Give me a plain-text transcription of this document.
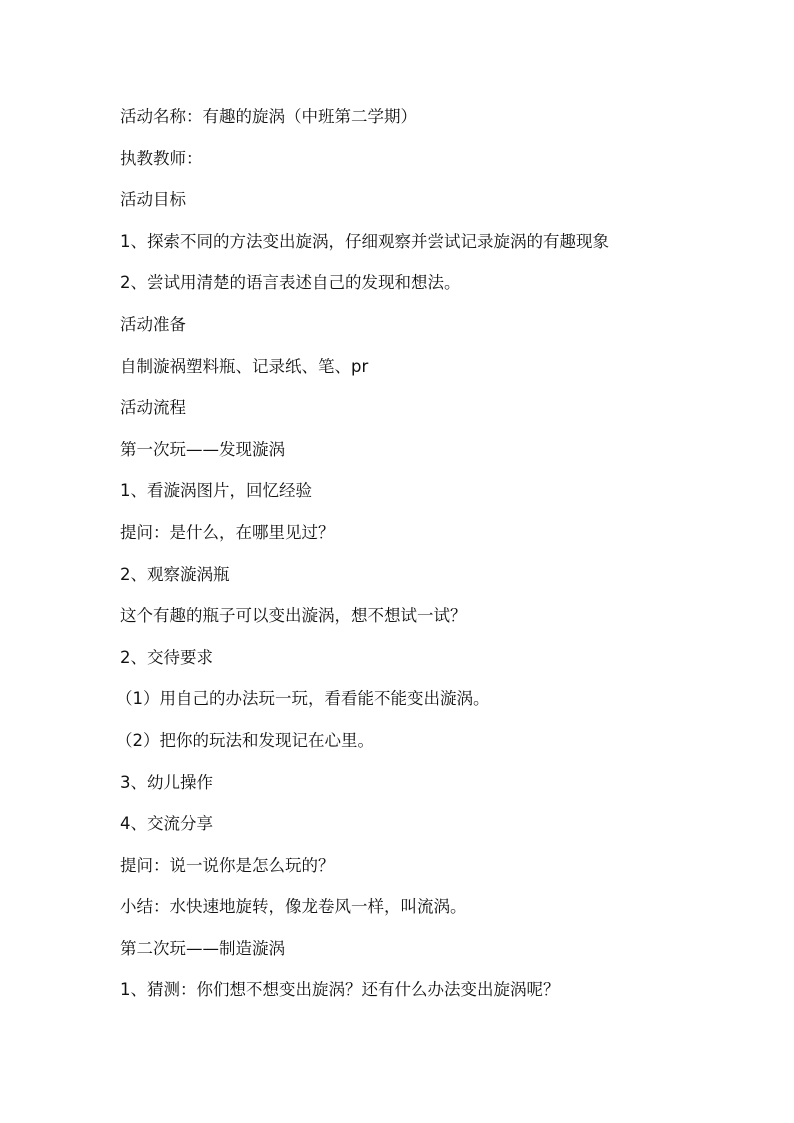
活动名称：有趣的旋涡（中班第二学期）
执教教师：
活动目标
1、探索不同的方法变出旋涡，仔细观察并尝试记录旋涡的有趣现象
2、尝试用清楚的语言表述自己的发现和想法。
活动准备
自制漩祸塑料瓶、记录纸、笔、pr
活动流程
第一次玩——发现漩涡
1、看漩涡图片，回忆经验
提问：是什么，在哪里见过？
2、观察漩涡瓶
这个有趣的瓶子可以变出漩涡，想不想试一试？
2、交待要求
（1）用自己的办法玩一玩，看看能不能变出漩涡。
（2）把你的玩法和发现记在心里。
3、幼儿操作
4、交流分享
提问：说一说你是怎么玩的？
小结：水快速地旋转，像龙卷风一样，叫流涡。
第二次玩——制造漩涡
1、猜测：你们想不想变出旋涡？还有什么办法变出旋涡呢？
